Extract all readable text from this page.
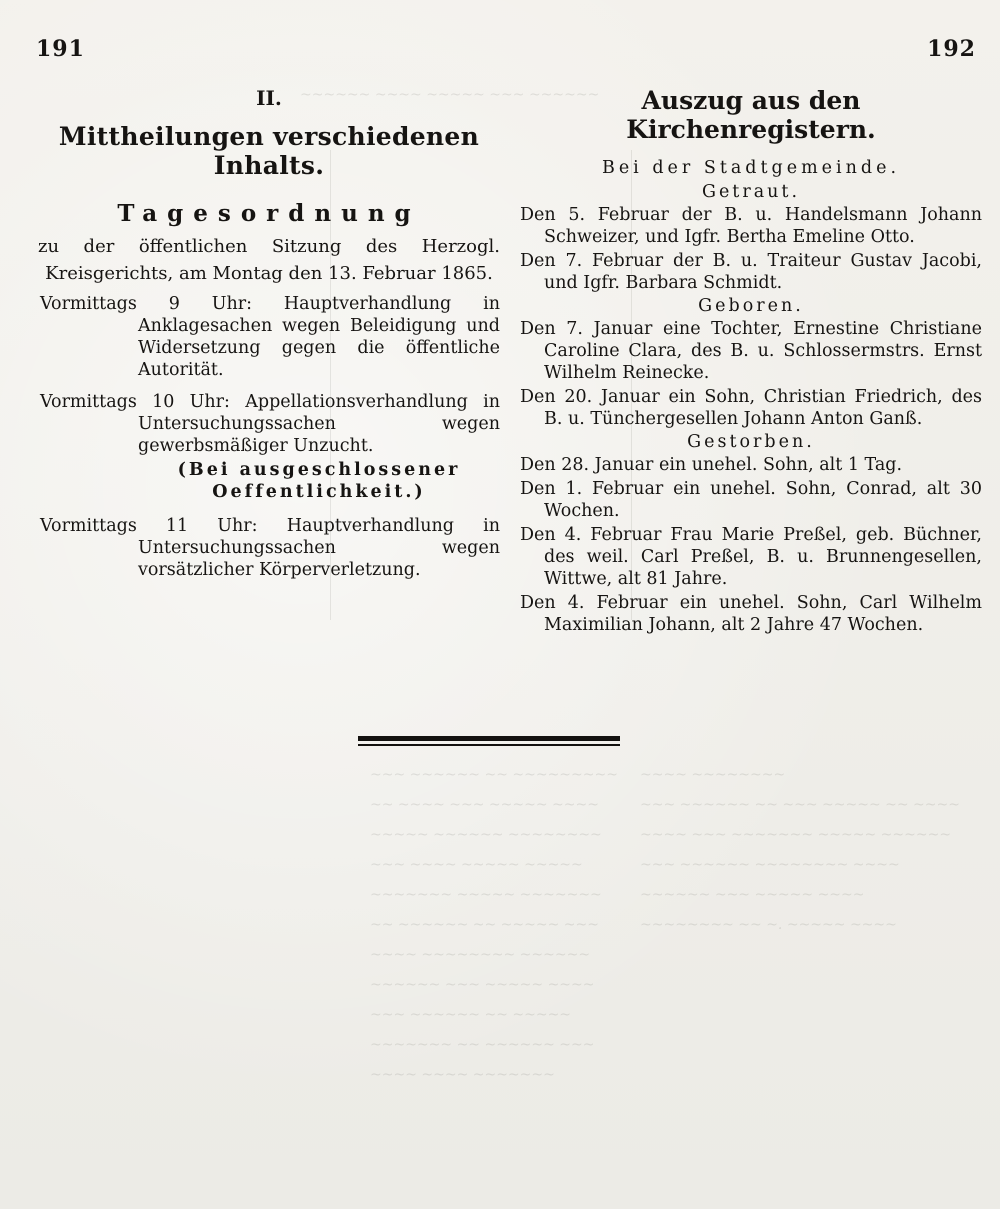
~~~~~~ ~~~~ ~~~~~ ~~~ ~~~~~~
~~~~ ~~~~~~~~
~~~ ~~~~~~ ~~ ~~~ ~~~~~ ~~ ~~~~
~~~~ ~~~ ~~~~~~~ ~~~~~ ~~~~~~
~~~ ~~~~~~ ~~~~~~~~ ~~~~
~~~~~~ ~~~ ~~~~~ ~~~~
~~~~~~~~ ~~ ~. ~~~~~ ~~~~
~~~ ~~~~~~ ~~ ~~~~~~~~~
~~ ~~~~ ~~~ ~~~~~ ~~~~
~~~~~ ~~~~~~ ~~~~~~~~
~~~ ~~~~ ~~~~~ ~~~~~
~~~~~~~ ~~~~~ ~~~~~~~
~~ ~~~~~~ ~~ ~~~~~ ~~~
~~~~ ~~~~~~~~ ~~~~~~
~~~~~~ ~~~ ~~~~~ ~~~~
~~~ ~~~~~~ ~~ ~~~~~
~~~~~~~ ~~ ~~~~~~ ~~~
~~~~ ~~~~ ~~~~~~~
191	192
II.
Mittheilungen verschiedenen Inhalts.
Tagesordnung
zu der öffentlichen Sitzung des Herzogl. Kreisgerichts, am Montag den 13. Februar 1865.
Vormittags 9 Uhr: Hauptverhandlung in Anklagesachen wegen Beleidigung und Widersetzung gegen die öffentliche Autorität.
Vormittags 10 Uhr: Appellationsverhandlung in Untersuchungssachen wegen gewerbsmäßiger Unzucht.
(Bei ausgeschlossener Oeffentlichkeit.)
Vormittags 11 Uhr: Hauptverhandlung in Untersuchungssachen wegen vorsätzlicher Körperverletzung.
Auszug aus den Kirchenregistern.
Bei der Stadtgemeinde.
Getraut.
Den 5. Februar der B. u. Handelsmann Johann Schweizer, und Igfr. Bertha Emeline Otto.
Den 7. Februar der B. u. Traiteur Gustav Jacobi, und Igfr. Barbara Schmidt.
Geboren.
Den 7. Januar eine Tochter, Ernestine Christiane Caroline Clara, des B. u. Schlossermstrs. Ernst Wilhelm Reinecke.
Den 20. Januar ein Sohn, Christian Friedrich, des B. u. Tünchergesellen Johann Anton Ganß.
Gestorben.
Den 28. Januar ein unehel. Sohn, alt 1 Tag.
Den 1. Februar ein unehel. Sohn, Conrad, alt 30 Wochen.
Den 4. Februar Frau Marie Preßel, geb. Büchner, des weil. Carl Preßel, B. u. Brunnengesellen, Wittwe, alt 81 Jahre.
Den 4. Februar ein unehel. Sohn, Carl Wilhelm Maximilian Johann, alt 2 Jahre 47 Wochen.
